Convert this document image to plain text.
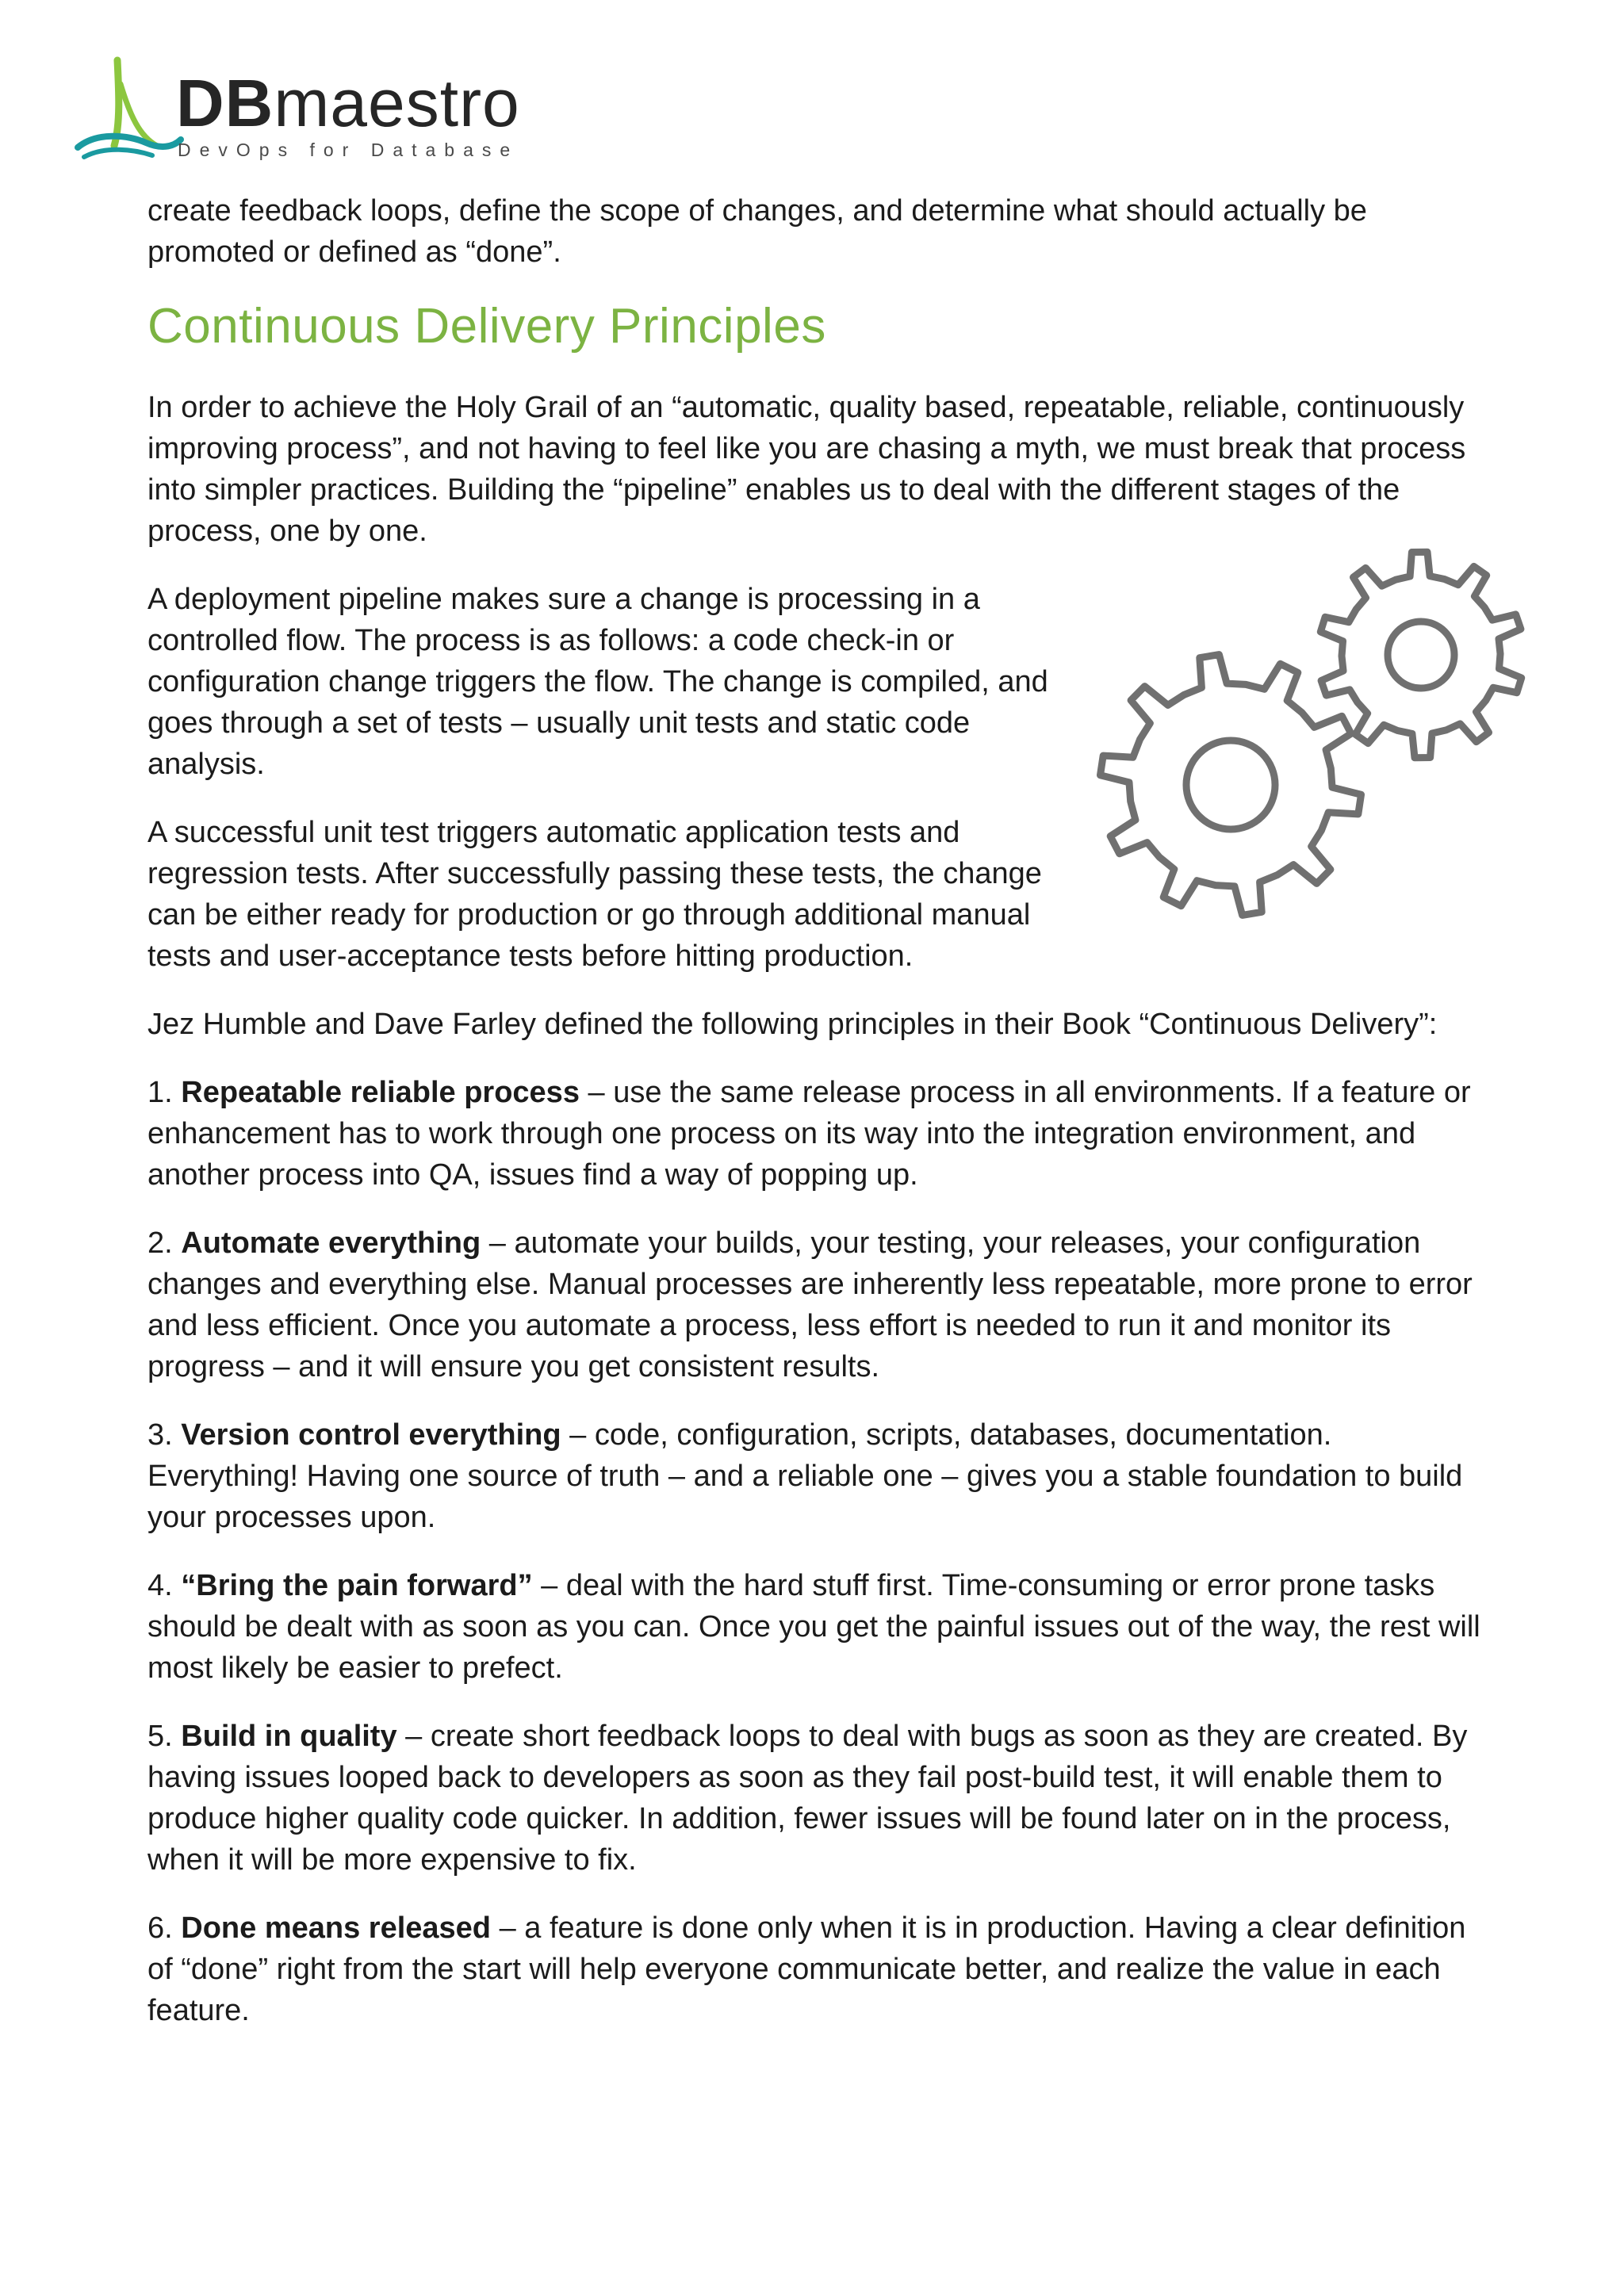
DBmaestro
DevOps for Database

create feedback loops, define the scope of changes, and determine what should actually be promoted or defined as “done”.

Continuous Delivery Principles

In order to achieve the Holy Grail of an “automatic, quality based, repeatable, reliable, continuously improving process”, and not having to feel like you are chasing a myth, we must break that process into simpler practices. Building the “pipeline” enables us to deal with the different stages of the process, one by one.

A deployment pipeline makes sure a change is processing in a controlled flow. The process is as follows: a code check-in or configuration change triggers the flow. The change is compiled, and goes through a set of tests – usually unit tests and static code analysis.

A successful unit test triggers automatic application tests and regression tests. After successfully passing these tests, the change can be either ready for production or go through additional manual tests and user-acceptance tests before hitting production.

Jez Humble and Dave Farley defined the following principles in their Book “Continuous Delivery”:

1. Repeatable reliable process – use the same release process in all environments. If a feature or enhancement has to work through one process on its way into the integration environment, and another process into QA, issues find a way of popping up.

2. Automate everything – automate your builds, your testing, your releases, your configuration changes and everything else. Manual processes are inherently less repeatable, more prone to error and less efficient. Once you automate a process, less effort is needed to run it and monitor its progress – and it will ensure you get consistent results.

3. Version control everything – code, configuration, scripts, databases, documentation. Everything! Having one source of truth – and a reliable one – gives you a stable foundation to build your processes upon.

4. “Bring the pain forward” – deal with the hard stuff first. Time-consuming or error prone tasks should be dealt with as soon as you can. Once you get the painful issues out of the way, the rest will most likely be easier to prefect.

5. Build in quality – create short feedback loops to deal with bugs as soon as they are created. By having issues looped back to developers as soon as they fail post-build test, it will enable them to produce higher quality code quicker. In addition, fewer issues will be found later on in the process, when it will be more expensive to fix.

6. Done means released – a feature is done only when it is in production. Having a clear definition of “done” right from the start will help everyone communicate better, and realize the value in each feature.
